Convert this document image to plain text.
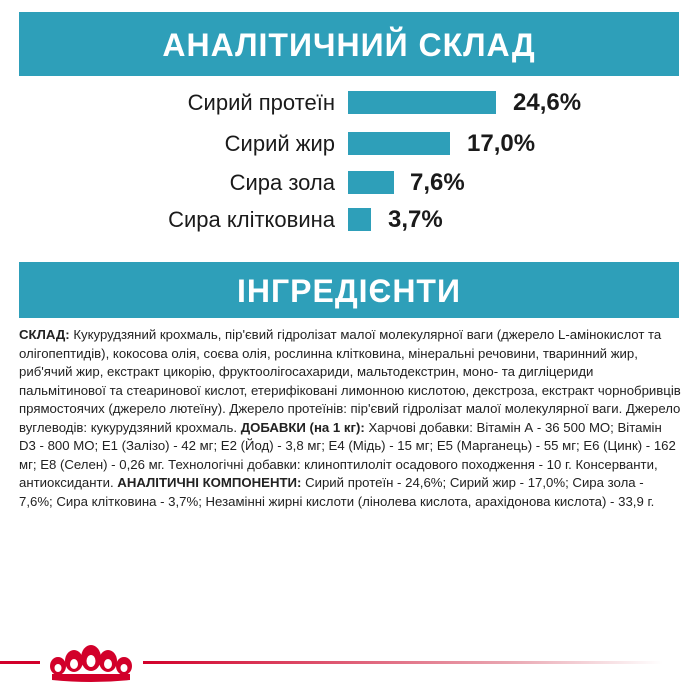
АНАЛІТИЧНИЙ СКЛАД
Сирий протеїн	24,6%
Сирий жир	17,0%
Сира зола	7,6%
Сира клітковина 3,7%
ІНГРЕДІЄНТИ
СКЛАД: Кукурудзяний крохмаль, пір'євий гідролізат малої молекулярної ваги (джерело L-амінокислот та олігопептидів), кокосова олія, соєва олія, рослинна клітковина, мінеральні речовини, тваринний жир, риб'ячий жир, екстракт цикорію, фруктоолігосахариди, мальтодекстрин, моно- та дигліцериди пальмітинової та стеаринової кислот, етерифіковані лимонною кислотою, декстроза, екстракт чорнобривців прямостоячих (джерело лютеїну). Джерело протеїнів: пір'євий гідролізат малої молекулярної ваги. Джерело вуглеводів: кукурудзяний крохмаль. ДОБАВКИ (на 1 кг): Харчові добавки: Вітамін А - 36 500 МО; Вітамін D3 - 800 МО; E1 (Залізо) - 42 мг; E2 (Йод) - 3,8 мг; E4 (Мідь) - 15 мг; E5 (Марганець) - 55 мг; E6 (Цинк) - 162 мг; E8 (Селен) - 0,26 мг. Технологічні добавки: клиноптилоліт осадового походження - 10 г. Консерванти, антиоксиданти. АНАЛІТИЧНІ КОМПОНЕНТИ: Сирий протеїн - 24,6%; Сирий жир - 17,0%; Сира зола - 7,6%; Сира клітковина - 3,7%; Незамінні жирні кислоти (лінолева кислота, арахідонова кислота) - 33,9 г.
